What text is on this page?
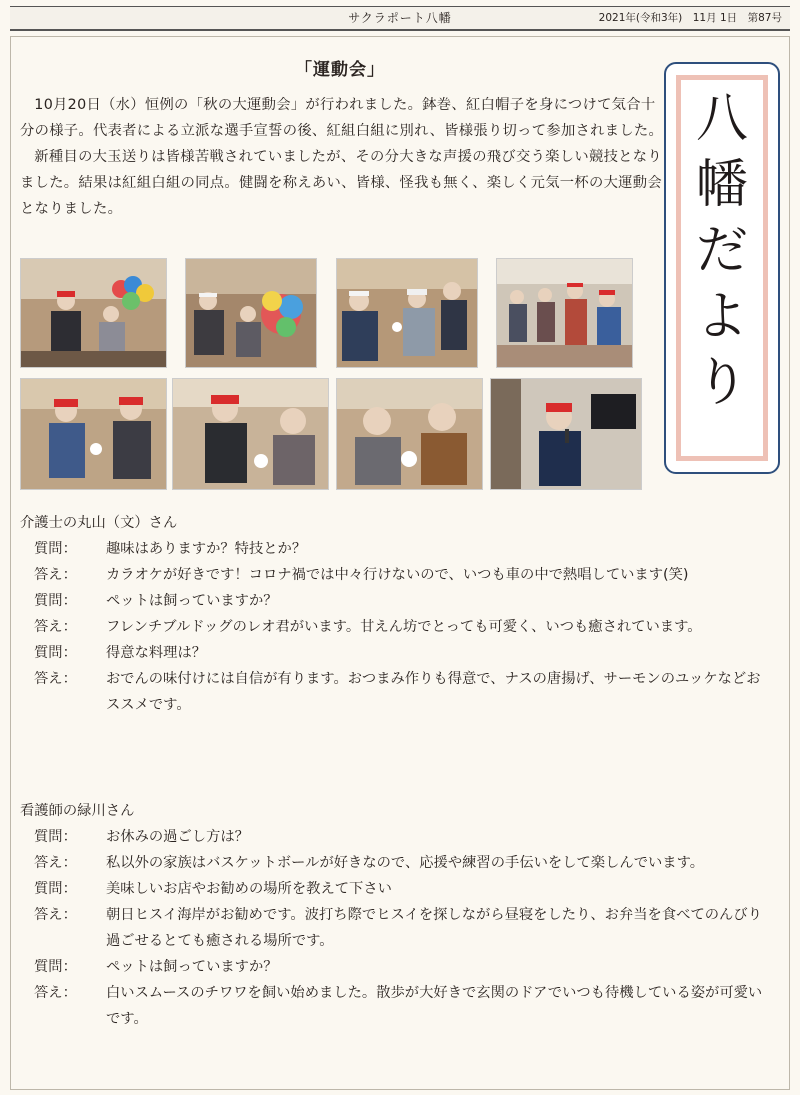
サクラポート八幡	2021年(令和3年)　11月 1日　第87号
「運動会」

10月20日（水）恒例の「秋の大運動会」が行われました。鉢巻、紅白帽子を身につけて気合十分の様子。代表者による立派な選手宣誓の後、紅組白組に別れ、皆様張り切って参加されました。

新種目の大玉送りは皆様苦戦されていましたが、その分大きな声援の飛び交う楽しい競技となりました。結果は紅組白組の同点。健闘を称えあい、皆様、怪我も無く、楽しく元気一杯の大運動会となりました。

八
幡
だ
よ
り
介護士の丸山（文）さん
質問：	趣味はありますか？特技とか？
答え：	カラオケが好きです！コロナ禍では中々行けないので、いつも車の中で熱唱しています(笑)
質問：	ペットは飼っていますか？
答え：	フレンチブルドッグのレオ君がいます。甘えん坊でとっても可愛く、いつも癒されています。
質問：	得意な料理は？
答え：	おでんの味付けには自信が有ります。おつまみ作りも得意で、ナスの唐揚げ、サーモンのユッケなどおススメです。
看護師の緑川さん
質問：	お休みの過ごし方は？
答え：	私以外の家族はバスケットボールが好きなので、応援や練習の手伝いをして楽しんでいます。
質問：	美味しいお店やお勧めの場所を教えて下さい
答え：	朝日ヒスイ海岸がお勧めです。波打ち際でヒスイを探しながら昼寝をしたり、お弁当を食べてのんびり過ごせるとても癒される場所です。
質問：	ペットは飼っていますか？
答え：	白いスムースのチワワを飼い始めました。散歩が大好きで玄関のドアでいつも待機している姿が可愛いです。
